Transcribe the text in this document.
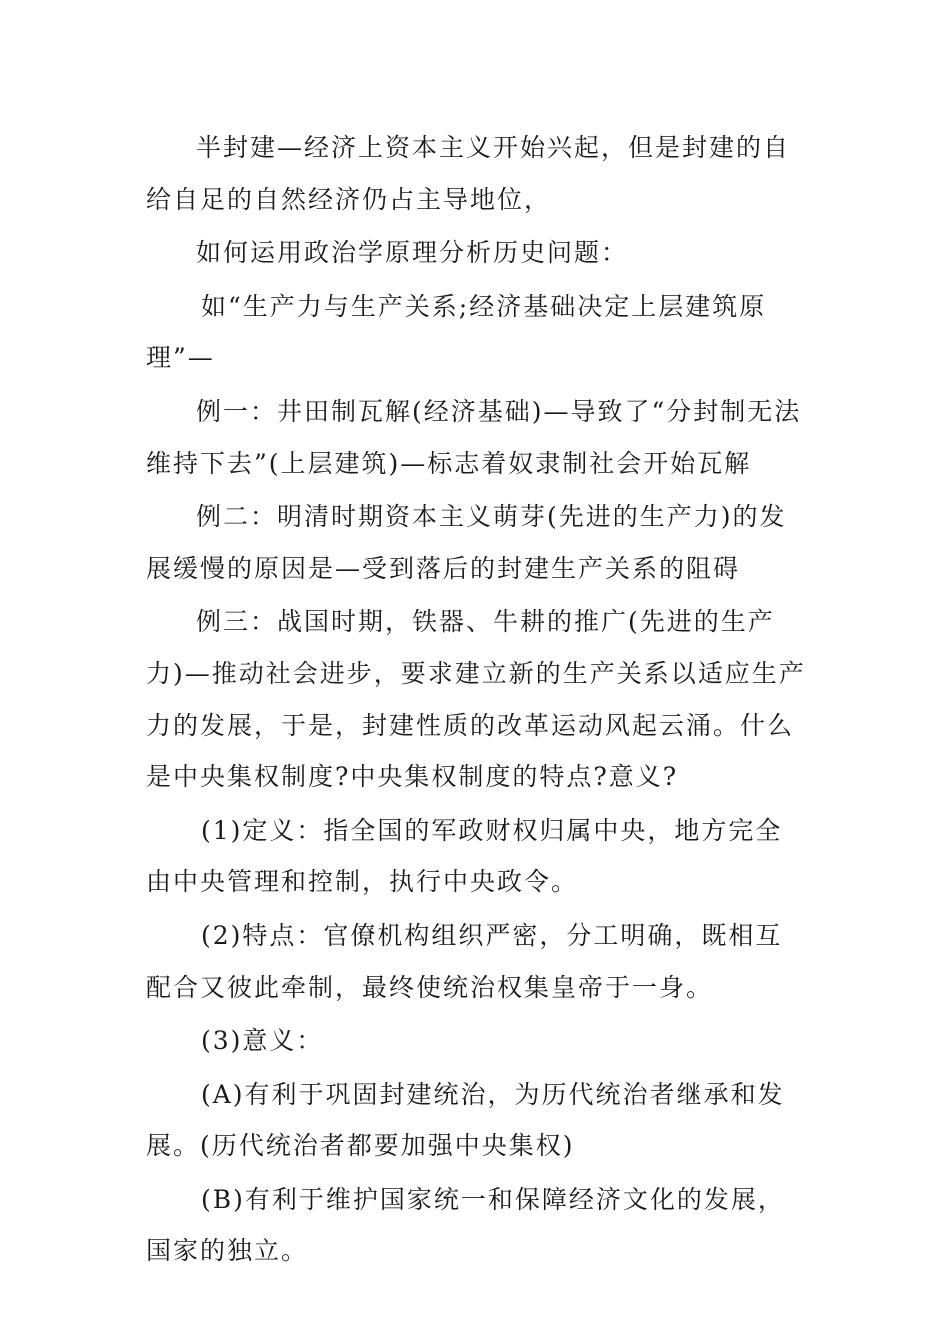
半封建—经济上资本主义开始兴起，但是封建的自给自足的自然经济仍占主导地位，

如何运用政治学原理分析历史问题：

如“生产力与生产关系;经济基础决定上层建筑原理”—

例一：井田制瓦解(经济基础)—导致了“分封制无法维持下去”(上层建筑)—标志着奴隶制社会开始瓦解

例二：明清时期资本主义萌芽(先进的生产力)的发展缓慢的原因是—受到落后的封建生产关系的阻碍

例三：战国时期，铁器、牛耕的推广(先进的生产力)—推动社会进步，要求建立新的生产关系以适应生产力的发展，于是，封建性质的改革运动风起云涌。什么是中央集权制度?中央集权制度的特点?意义?

(1)定义：指全国的军政财权归属中央，地方完全由中央管理和控制，执行中央政令。

(2)特点：官僚机构组织严密，分工明确，既相互配合又彼此牵制，最终使统治权集皇帝于一身。

(3)意义：

(A)有利于巩固封建统治，为历代统治者继承和发展。(历代统治者都要加强中央集权)

(B)有利于维护国家统一和保障经济文化的发展，国家的独立。
